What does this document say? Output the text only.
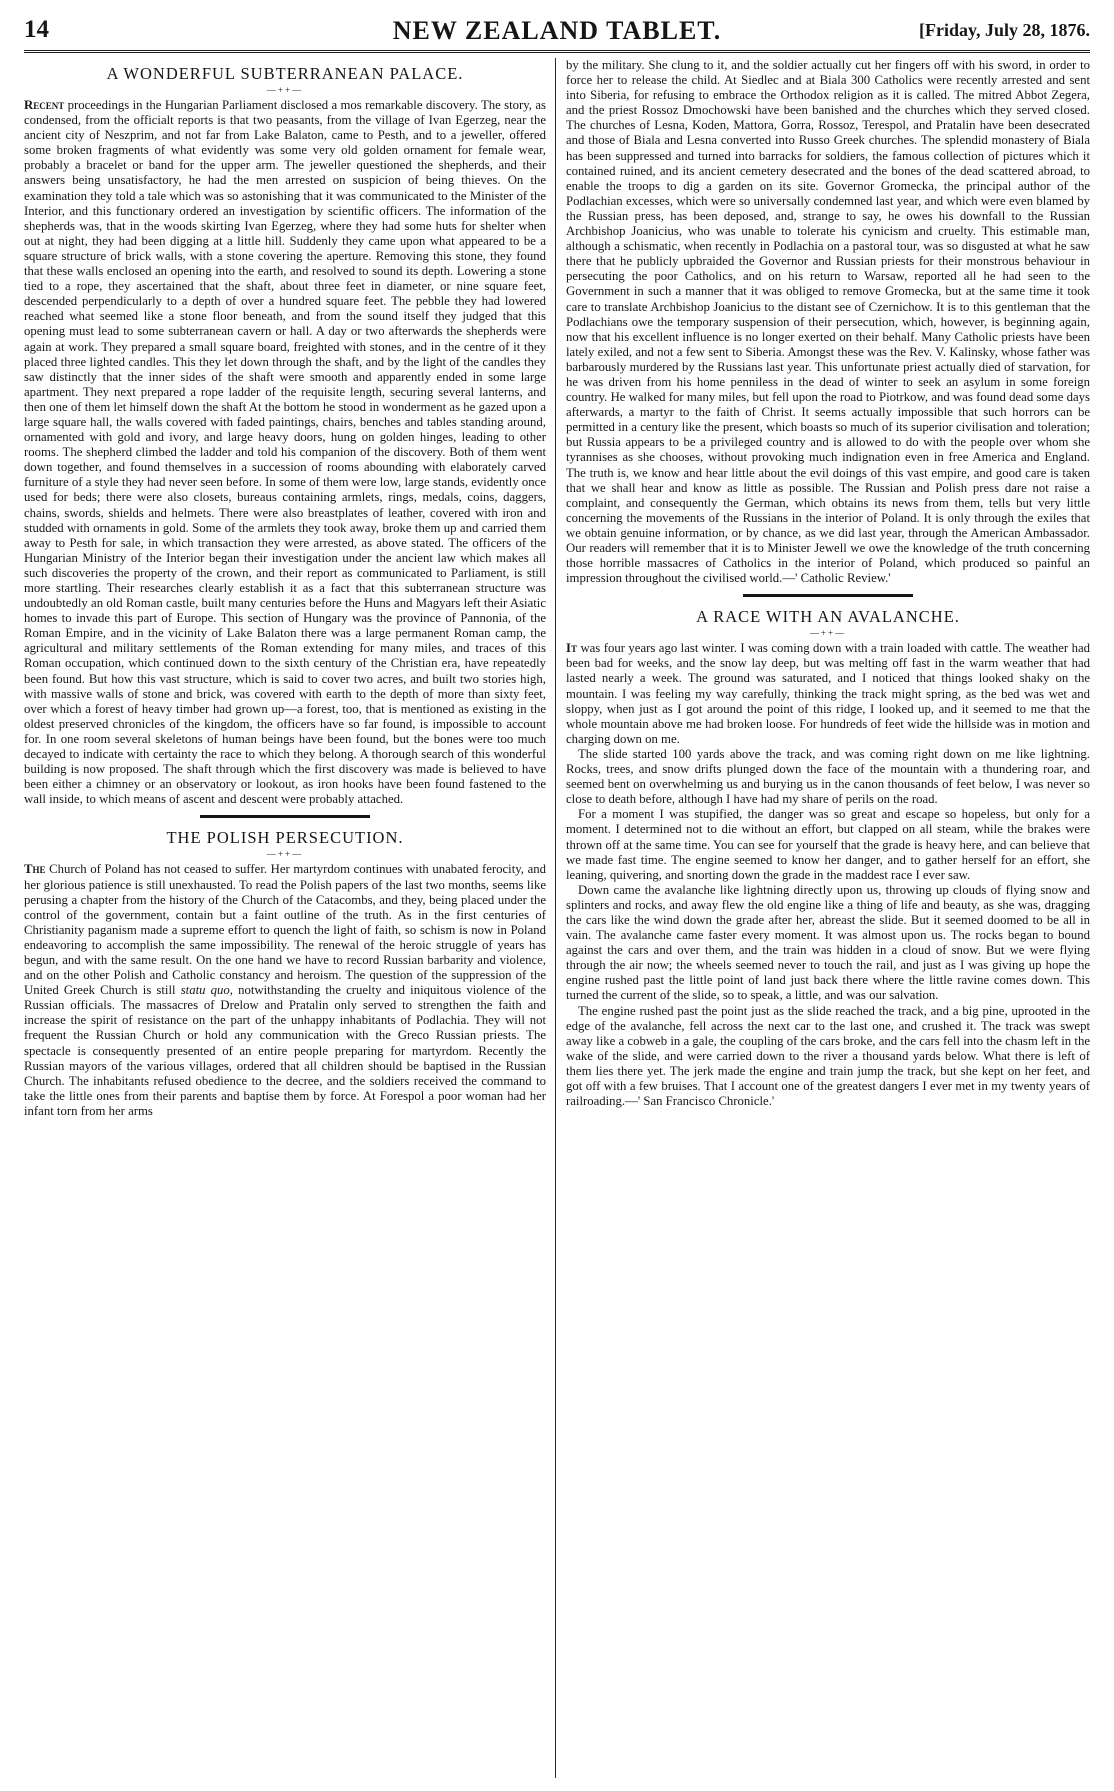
14	NEW ZEALAND TABLET.	[Friday, July 28, 1876.
A WONDERFUL SUBTERRANEAN PALACE.
—++—

Recent proceedings in the Hungarian Parliament disclosed a mos remarkable discovery. The story, as condensed, from the officialt reports is that two peasants, from the village of Ivan Egerzeg, near the ancient city of Neszprim, and not far from Lake Balaton, came to Pesth, and to a jeweller, offered some broken fragments of what evidently was some very old golden ornament for female wear, probably a bracelet or band for the upper arm. The jeweller questioned the shepherds, and their answers being unsatisfactory, he had the men arrested on suspicion of being thieves. On the examination they told a tale which was so astonishing that it was communicated to the Minister of the Interior, and this functionary ordered an investigation by scientific officers. The information of the shepherds was, that in the woods skirting Ivan Egerzeg, where they had some huts for shelter when out at night, they had been digging at a little hill. Suddenly they came upon what appeared to be a square structure of brick walls, with a stone covering the aperture. Removing this stone, they found that these walls enclosed an opening into the earth, and resolved to sound its depth. Lowering a stone tied to a rope, they ascertained that the shaft, about three feet in diameter, or nine square feet, descended perpendicularly to a depth of over a hundred square feet. The pebble they had lowered reached what seemed like a stone floor beneath, and from the sound itself they judged that this opening must lead to some subterranean cavern or hall. A day or two afterwards the shepherds were again at work. They prepared a small square board, freighted with stones, and in the centre of it they placed three lighted candles. This they let down through the shaft, and by the light of the candles they saw distinctly that the inner sides of the shaft were smooth and apparently ended in some large apartment. They next prepared a rope ladder of the requisite length, securing several lanterns, and then one of them let himself down the shaft At the bottom he stood in wonderment as he gazed upon a large square hall, the walls covered with faded paintings, chairs, benches and tables standing around, ornamented with gold and ivory, and large heavy doors, hung on golden hinges, leading to other rooms. The shepherd climbed the ladder and told his companion of the discovery. Both of them went down together, and found themselves in a succession of rooms abounding with elaborately carved furniture of a style they had never seen before. In some of them were low, large stands, evidently once used for beds; there were also closets, bureaus containing armlets, rings, medals, coins, daggers, chains, swords, shields and helmets. There were also breastplates of leather, covered with iron and studded with ornaments in gold. Some of the armlets they took away, broke them up and carried them away to Pesth for sale, in which transaction they were arrested, as above stated. The officers of the Hungarian Ministry of the Interior began their investigation under the ancient law which makes all such discoveries the property of the crown, and their report as communicated to Parliament, is still more startling. Their researches clearly establish it as a fact that this subterranean structure was undoubtedly an old Roman castle, built many centuries before the Huns and Magyars left their Asiatic homes to invade this part of Europe. This section of Hungary was the province of Pannonia, of the Roman Empire, and in the vicinity of Lake Balaton there was a large permanent Roman camp, the agricultural and military settlements of the Roman extending for many miles, and traces of this Roman occupation, which continued down to the sixth century of the Christian era, have repeatedly been found. But how this vast structure, which is said to cover two acres, and built two stories high, with massive walls of stone and brick, was covered with earth to the depth of more than sixty feet, over which a forest of heavy timber had grown up—a forest, too, that is mentioned as existing in the oldest preserved chronicles of the kingdom, the officers have so far found, is impossible to account for. In one room several skeletons of human beings have been found, but the bones were too much decayed to indicate with certainty the race to which they belong. A thorough search of this wonderful building is now proposed. The shaft through which the first discovery was made is believed to have been either a chimney or an observatory or lookout, as iron hooks have been found fastened to the wall inside, to which means of ascent and descent were probably attached.

THE POLISH PERSECUTION.
—++—

The Church of Poland has not ceased to suffer. Her martyrdom continues with unabated ferocity, and her glorious patience is still unexhausted. To read the Polish papers of the last two months, seems like perusing a chapter from the history of the Church of the Catacombs, and they, being placed under the control of the government, contain but a faint outline of the truth. As in the first centuries of Christianity paganism made a supreme effort to quench the light of faith, so schism is now in Poland endeavoring to accomplish the same impossibility. The renewal of the heroic struggle of years has begun, and with the same result. On the one hand we have to record Russian barbarity and violence, and on the other Polish and Catholic constancy and heroism. The question of the suppression of the United Greek Church is still statu quo, notwithstanding the cruelty and iniquitous violence of the Russian officials. The massacres of Drelow and Pratalin only served to strengthen the faith and increase the spirit of resistance on the part of the unhappy inhabitants of Podlachia. They will not frequent the Russian Church or hold any communication with the Greco Russian priests. The spectacle is consequently presented of an entire people preparing for martyrdom. Recently the Russian mayors of the various villages, ordered that all children should be baptised in the Russian Church. The inhabitants refused obedience to the decree, and the soldiers received the command to take the little ones from their parents and baptise them by force. At Forespol a poor woman had her infant torn from her arms

by the military. She clung to it, and the soldier actually cut her fingers off with his sword, in order to force her to release the child. At Siedlec and at Biala 300 Catholics were recently arrested and sent into Siberia, for refusing to embrace the Orthodox religion as it is called. The mitred Abbot Zegera, and the priest Rossoz Dmochowski have been banished and the churches which they served closed. The churches of Lesna, Koden, Mattora, Gorra, Rossoz, Terespol, and Pratalin have been desecrated and those of Biala and Lesna converted into Russo Greek churches. The splendid monastery of Biala has been suppressed and turned into barracks for soldiers, the famous collection of pictures which it contained ruined, and its ancient cemetery desecrated and the bones of the dead scattered abroad, to enable the troops to dig a garden on its site. Governor Gromecka, the principal author of the Podlachian excesses, which were so universally condemned last year, and which were even blamed by the Russian press, has been deposed, and, strange to say, he owes his downfall to the Russian Archbishop Joanicius, who was unable to tolerate his cynicism and cruelty. This estimable man, although a schismatic, when recently in Podlachia on a pastoral tour, was so disgusted at what he saw there that he publicly upbraided the Governor and Russian priests for their monstrous behaviour in persecuting the poor Catholics, and on his return to Warsaw, reported all he had seen to the Government in such a manner that it was obliged to remove Gromecka, but at the same time it took care to translate Archbishop Joanicius to the distant see of Czernichow. It is to this gentleman that the Podlachians owe the temporary suspension of their persecution, which, however, is beginning again, now that his excellent influence is no longer exerted on their behalf. Many Catholic priests have been lately exiled, and not a few sent to Siberia. Amongst these was the Rev. V. Kalinsky, whose father was barbarously murdered by the Russians last year. This unfortunate priest actually died of starvation, for he was driven from his home penniless in the dead of winter to seek an asylum in some foreign country. He walked for many miles, but fell upon the road to Piotrkow, and was found dead some days afterwards, a martyr to the faith of Christ. It seems actually impossible that such horrors can be permitted in a century like the present, which boasts so much of its superior civilisation and toleration; but Russia appears to be a privileged country and is allowed to do with the people over whom she tyrannises as she chooses, without provoking much indignation even in free America and England. The truth is, we know and hear little about the evil doings of this vast empire, and good care is taken that we shall hear and know as little as possible. The Russian and Polish press dare not raise a complaint, and consequently the German, which obtains its news from them, tells but very little concerning the movements of the Russians in the interior of Poland. It is only through the exiles that we obtain genuine information, or by chance, as we did last year, through the American Ambassador. Our readers will remember that it is to Minister Jewell we owe the knowledge of the truth concerning those horrible massacres of Catholics in the interior of Poland, which produced so painful an impression throughout the civilised world.—' Catholic Review.'

A RACE WITH AN AVALANCHE.
—++—

It was four years ago last winter. I was coming down with a train loaded with cattle. The weather had been bad for weeks, and the snow lay deep, but was melting off fast in the warm weather that had lasted nearly a week. The ground was saturated, and I noticed that things looked shaky on the mountain. I was feeling my way carefully, thinking the track might spring, as the bed was wet and sloppy, when just as I got around the point of this ridge, I looked up, and it seemed to me that the whole mountain above me had broken loose. For hundreds of feet wide the hillside was in motion and charging down on me.

The slide started 100 yards above the track, and was coming right down on me like lightning. Rocks, trees, and snow drifts plunged down the face of the mountain with a thundering roar, and seemed bent on overwhelming us and burying us in the canon thousands of feet below, I was never so close to death before, although I have had my share of perils on the road.

For a moment I was stupified, the danger was so great and escape so hopeless, but only for a moment. I determined not to die without an effort, but clapped on all steam, while the brakes were thrown off at the same time. You can see for yourself that the grade is heavy here, and can believe that we made fast time. The engine seemed to know her danger, and to gather herself for an effort, she leaning, quivering, and snorting down the grade in the maddest race I ever saw.

Down came the avalanche like lightning directly upon us, throwing up clouds of flying snow and splinters and rocks, and away flew the old engine like a thing of life and beauty, as she was, dragging the cars like the wind down the grade after her, abreast the slide. But it seemed doomed to be all in vain. The avalanche came faster every moment. It was almost upon us. The rocks began to bound against the cars and over them, and the train was hidden in a cloud of snow. But we were flying through the air now; the wheels seemed never to touch the rail, and just as I was giving up hope the engine rushed past the little point of land just back there where the little ravine comes down. This turned the current of the slide, so to speak, a little, and was our salvation.

The engine rushed past the point just as the slide reached the track, and a big pine, uprooted in the edge of the avalanche, fell across the next car to the last one, and crushed it. The track was swept away like a cobweb in a gale, the coupling of the cars broke, and the cars fell into the chasm left in the wake of the slide, and were carried down to the river a thousand yards below. What there is left of them lies there yet. The jerk made the engine and train jump the track, but she kept on her feet, and got off with a few bruises. That I account one of the greatest dangers I ever met in my twenty years of railroading.—' San Francisco Chronicle.'
